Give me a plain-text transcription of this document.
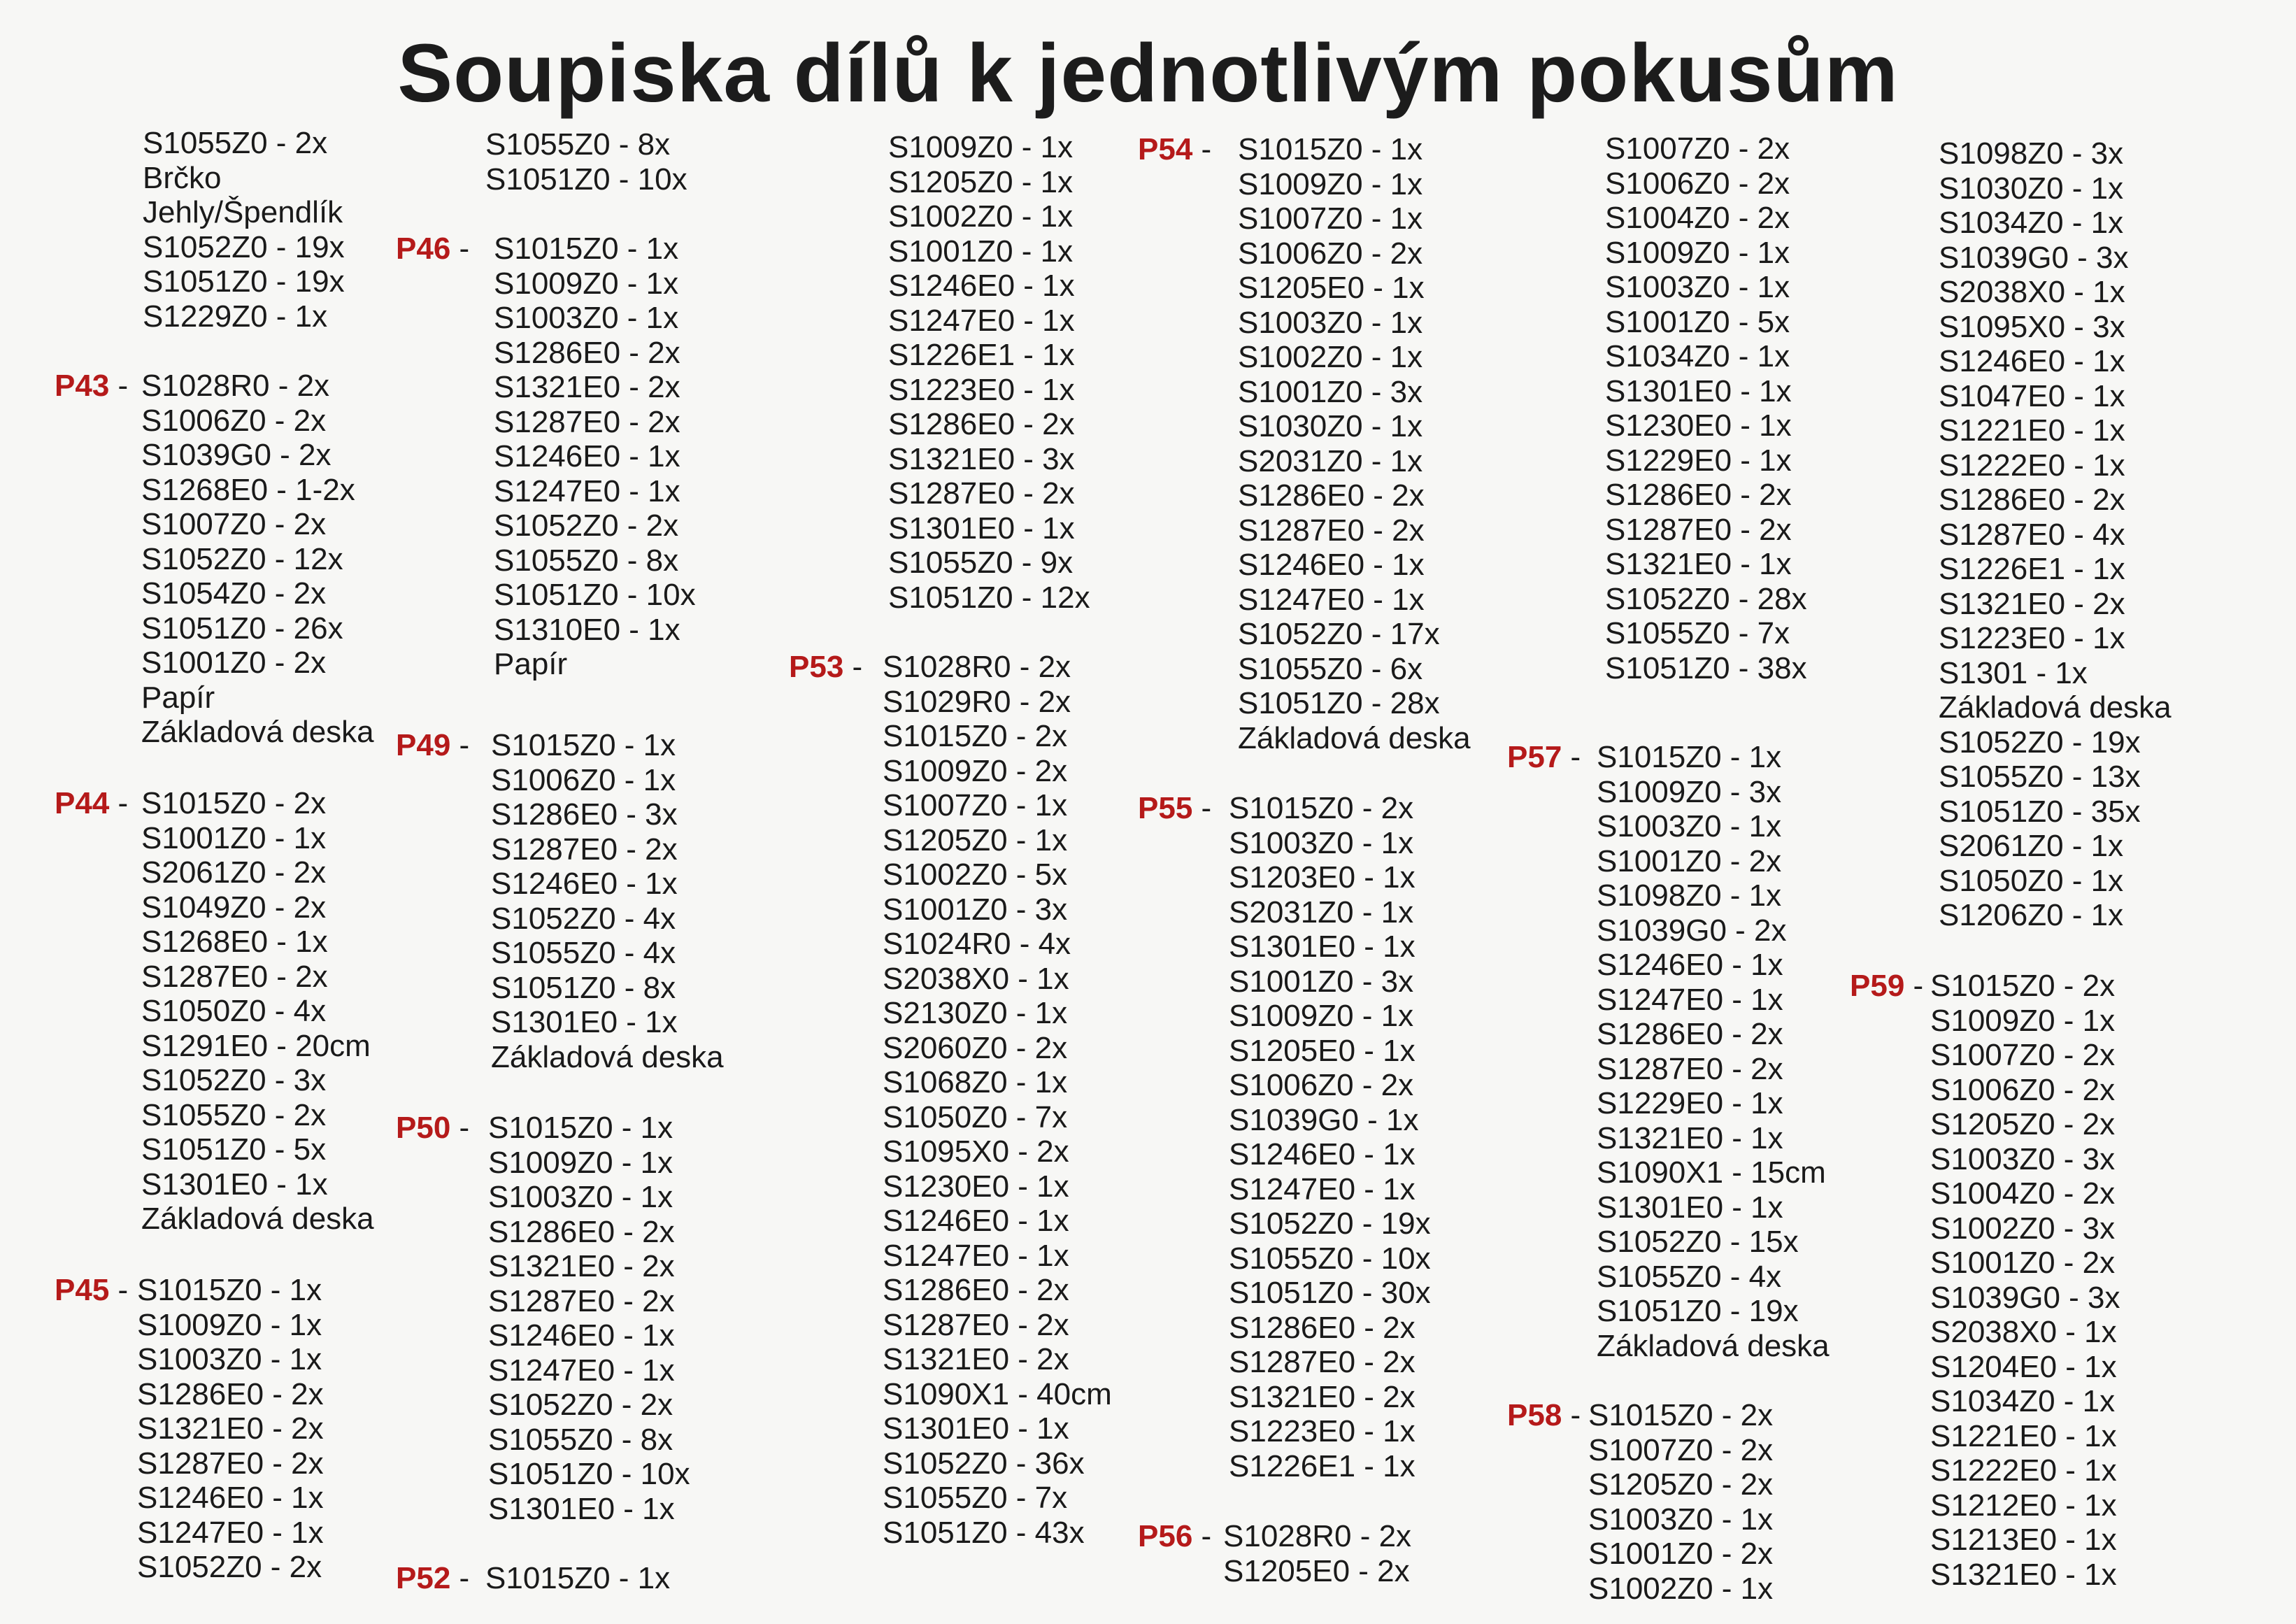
Soupiska dílů k jednotlivým pokusům
S1055Z0 - 2x
Brčko
Jehly/Špendlík
S1052Z0 - 19x
S1051Z0 - 19x
S1229Z0 - 1x
P43 - S1028R0 - 2x
S1006Z0 - 2x
S1039G0 - 2x
S1268E0 - 1-2x
S1007Z0 - 2x
S1052Z0 - 12x
S1054Z0 - 2x
S1051Z0 - 26x
S1001Z0 - 2x
Papír
Základová deska
P44 - S1015Z0 - 2x
S1001Z0 - 1x
S2061Z0 - 2x
S1049Z0 - 2x
S1268E0 - 1x
S1287E0 - 2x
S1050Z0 - 4x
S1291E0 - 20cm
S1052Z0 - 3x
S1055Z0 - 2x
S1051Z0 - 5x
S1301E0 - 1x
Základová deska
P45 - S1015Z0 - 1x
S1009Z0 - 1x
S1003Z0 - 1x
S1286E0 - 2x
S1321E0 - 2x
S1287E0 - 2x
S1246E0 - 1x
S1247E0 - 1x
S1052Z0 - 2x
S1055Z0 - 8x
S1051Z0 - 10x
P46 - S1015Z0 - 1x
S1009Z0 - 1x
S1003Z0 - 1x
S1286E0 - 2x
S1321E0 - 2x
S1287E0 - 2x
S1246E0 - 1x
S1247E0 - 1x
S1052Z0 - 2x
S1055Z0 - 8x
S1051Z0 - 10x
S1310E0 - 1x
Papír
P49 - S1015Z0 - 1x
S1006Z0 - 1x
S1286E0 - 3x
S1287E0 - 2x
S1246E0 - 1x
S1052Z0 - 4x
S1055Z0 - 4x
S1051Z0 - 8x
S1301E0 - 1x
Základová deska
P50 - S1015Z0 - 1x
S1009Z0 - 1x
S1003Z0 - 1x
S1286E0 - 2x
S1321E0 - 2x
S1287E0 - 2x
S1246E0 - 1x
S1247E0 - 1x
S1052Z0 - 2x
S1055Z0 - 8x
S1051Z0 - 10x
S1301E0 - 1x
P52 - S1015Z0 - 1x
S1009Z0 - 1x
S1205Z0 - 1x
S1002Z0 - 1x
S1001Z0 - 1x
S1246E0 - 1x
S1247E0 - 1x
S1226E1 - 1x
S1223E0 - 1x
S1286E0 - 2x
S1321E0 - 3x
S1287E0 - 2x
S1301E0 - 1x
S1055Z0 - 9x
S1051Z0 - 12x
P53 - S1028R0 - 2x
S1029R0 - 2x
S1015Z0 - 2x
S1009Z0 - 2x
S1007Z0 - 1x
S1205Z0 - 1x
S1002Z0 - 5x
S1001Z0 - 3x
S1024R0 - 4x
S2038X0 - 1x
S2130Z0 - 1x
S2060Z0 - 2x
S1068Z0 - 1x
S1050Z0 - 7x
S1095X0 - 2x
S1230E0 - 1x
S1246E0 - 1x
S1247E0 - 1x
S1286E0 - 2x
S1287E0 - 2x
S1321E0 - 2x
S1090X1 - 40cm
S1301E0 - 1x
S1052Z0 - 36x
S1055Z0 - 7x
S1051Z0 - 43x
P54 - S1015Z0 - 1x
S1009Z0 - 1x
S1007Z0 - 1x
S1006Z0 - 2x
S1205E0 - 1x
S1003Z0 - 1x
S1002Z0 - 1x
S1001Z0 - 3x
S1030Z0 - 1x
S2031Z0 - 1x
S1286E0 - 2x
S1287E0 - 2x
S1246E0 - 1x
S1247E0 - 1x
S1052Z0 - 17x
S1055Z0 - 6x
S1051Z0 - 28x
Základová deska
P55 - S1015Z0 - 2x
S1003Z0 - 1x
S1203E0 - 1x
S2031Z0 - 1x
S1301E0 - 1x
S1001Z0 - 3x
S1009Z0 - 1x
S1205E0 - 1x
S1006Z0 - 2x
S1039G0 - 1x
S1246E0 - 1x
S1247E0 - 1x
S1052Z0 - 19x
S1055Z0 - 10x
S1051Z0 - 30x
S1286E0 - 2x
S1287E0 - 2x
S1321E0 - 2x
S1223E0 - 1x
S1226E1 - 1x
P56 - S1028R0 - 2x
S1205E0 - 2x
S1007Z0 - 2x
S1006Z0 - 2x
S1004Z0 - 2x
S1009Z0 - 1x
S1003Z0 - 1x
S1001Z0 - 5x
S1034Z0 - 1x
S1301E0 - 1x
S1230E0 - 1x
S1229E0 - 1x
S1286E0 - 2x
S1287E0 - 2x
S1321E0 - 1x
S1052Z0 - 28x
S1055Z0 - 7x
S1051Z0 - 38x
P57 - S1015Z0 - 1x
S1009Z0 - 3x
S1003Z0 - 1x
S1001Z0 - 2x
S1098Z0 - 1x
S1039G0 - 2x
S1246E0 - 1x
S1247E0 - 1x
S1286E0 - 2x
S1287E0 - 2x
S1229E0 - 1x
S1321E0 - 1x
S1090X1 - 15cm
S1301E0 - 1x
S1052Z0 - 15x
S1055Z0 - 4x
S1051Z0 - 19x
Základová deska
P58 - S1015Z0 - 2x
S1007Z0 - 2x
S1205Z0 - 2x
S1003Z0 - 1x
S1001Z0 - 2x
S1002Z0 - 1x
S1098Z0 - 3x
S1030Z0 - 1x
S1034Z0 - 1x
S1039G0 - 3x
S2038X0 - 1x
S1095X0 - 3x
S1246E0 - 1x
S1047E0 - 1x
S1221E0 - 1x
S1222E0 - 1x
S1286E0 - 2x
S1287E0 - 4x
S1226E1 - 1x
S1321E0 - 2x
S1223E0 - 1x
S1301 - 1x
Základová deska
S1052Z0 - 19x
S1055Z0 - 13x
S1051Z0 - 35x
S2061Z0 - 1x
S1050Z0 - 1x
S1206Z0 - 1x
P59 - S1015Z0 - 2x
S1009Z0 - 1x
S1007Z0 - 2x
S1006Z0 - 2x
S1205Z0 - 2x
S1003Z0 - 3x
S1004Z0 - 2x
S1002Z0 - 3x
S1001Z0 - 2x
S1039G0 - 3x
S2038X0 - 1x
S1204E0 - 1x
S1034Z0 - 1x
S1221E0 - 1x
S1222E0 - 1x
S1212E0 - 1x
S1213E0 - 1x
S1321E0 - 1x
